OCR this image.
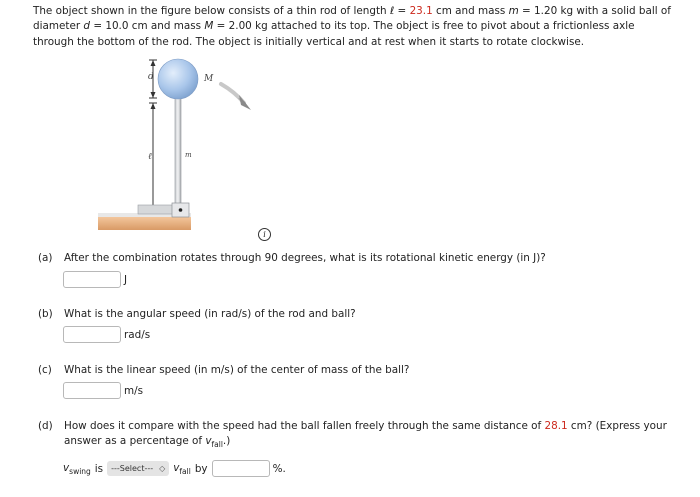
The object shown in the figure below consists of a thin rod of length ℓ = 23.1 cm and mass m = 1.20 kg with a solid ball of diameter d = 10.0 cm and mass M = 2.00 kg attached to its top. The object is free to pivot about a frictionless axle through the bottom of the rod. The object is initially vertical and at rest when it starts to rotate clockwise.
d
ℓ
M
m
i
(a) After the combination rotates through 90 degrees, what is its rotational kinetic energy (in J)?
J
(b) What is the angular speed (in rad/s) of the rod and ball?
rad/s
(c) What is the linear speed (in m/s) of the center of mass of the ball?
m/s
(d) How does it compare with the speed had the ball fallen freely through the same distance of 28.1 cm? (Express your answer as a percentage of $v_{fall}$.)
$v_{swing}$ is ---Select--- ◇ $v_{fall}$ by	%.
